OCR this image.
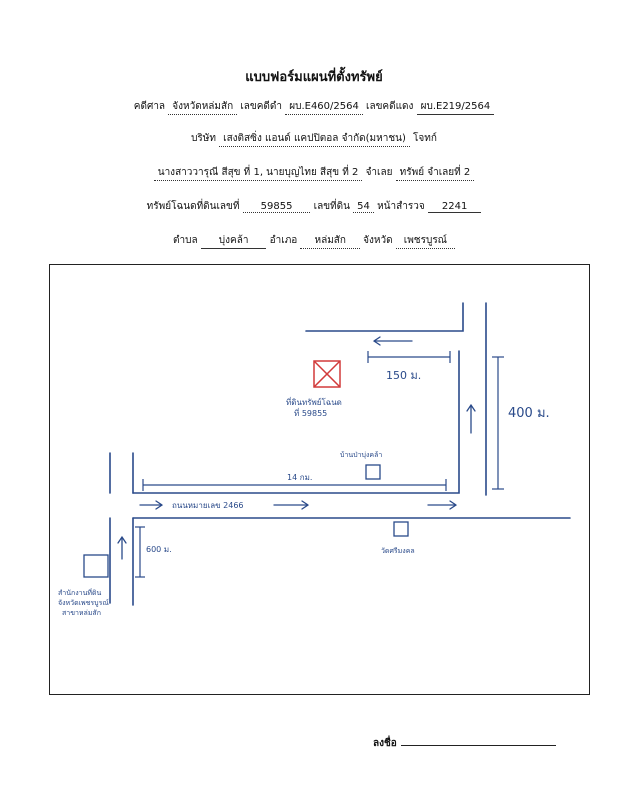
แบบฟอร์มแผนที่ตั้งทรัพย์
คดีศาล จังหวัดหล่มสัก เลขคดีดำ ผบ.E460/2564 เลขคดีแดง ผบ.E219/2564
บริษัท เสงติสซิ่ง แอนด์ แคปปิตอล จำกัด(มหาชน) โจทก์
นางสาววารุณี สีสุข ที่ 1, นายบุญไทย สีสุข ที่ 2 จำเลย ทรัพย์ จำเลยที่ 2
ทรัพย์โฉนดที่ดินเลขที่ 59855 เลขที่ดิน 54 หน้าสำรวจ 2241
ตำบล บุ่งคล้า อำเภอ หล่มสัก จังหวัด เพชรบูรณ์
150 ม.
400 ม.
14 กม.
ถนนหมายเลข 2466
600 ม.
ที่ดินทรัพย์โฉนด
ที่ 59855
บ้านป่าบุ่งคล้า
วัดศรีมงคล
สำนักงานที่ดิน
จังหวัดเพชรบูรณ์
สาขาหล่มสัก
ลงชื่อ
